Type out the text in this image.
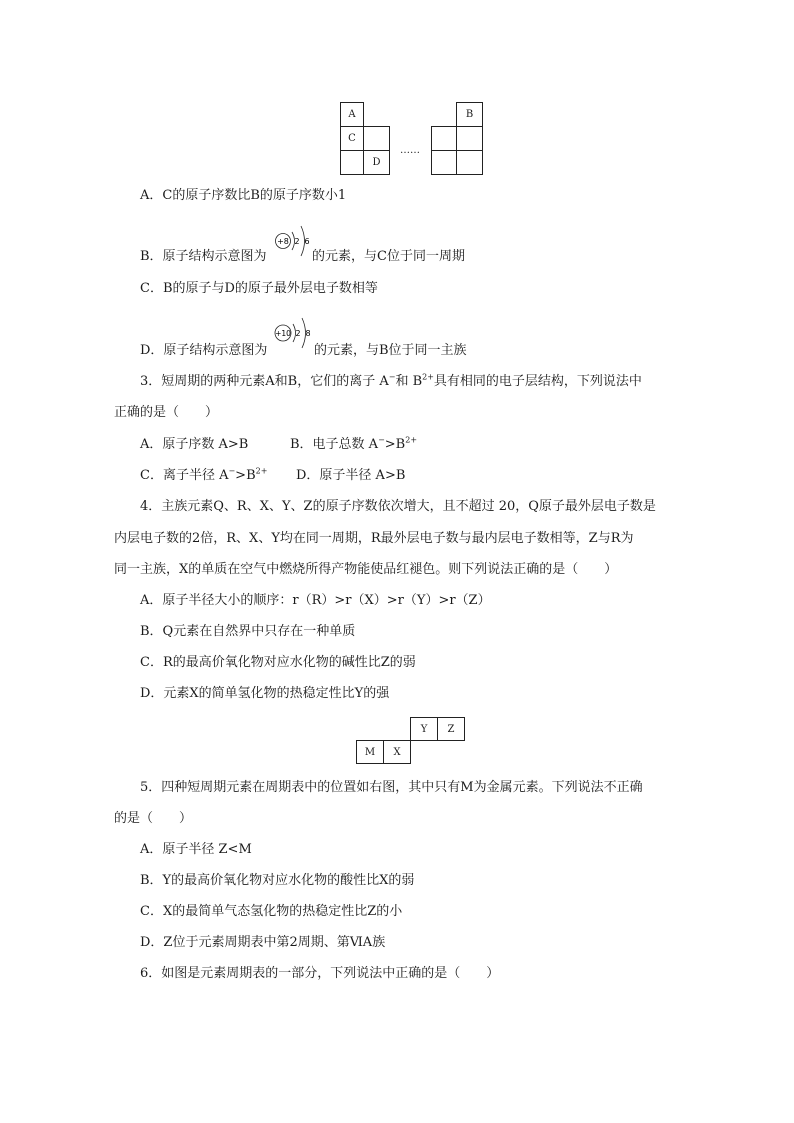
A
C
D
……
B
A．C的原子序数比B的原子序数小1
+8 2 6
B．原子结构示意图为	的元素，与C位于同一周期
C．B的原子与D的原子最外层电子数相等
+10 2 8
D．原子结构示意图为	的元素，与B位于同一主族
3．短周期的两种元素A和B，它们的离子 A−和 $B^{2+}$具有相同的电子层结构，下列说法中
正确的是（　　）
A．原子序数 A>B	B．电子总数 $A^->B^{2+}$
C．离子半径 $A^->B^{2+}$ D．原子半径 A>B
4．主族元素Q、R、X、Y、Z的原子序数依次增大，且不超过 20，Q原子最外层电子数是
内层电子数的2倍，R、X、Y均在同一周期，R最外层电子数与最内层电子数相等，Z与R为
同一主族，X的单质在空气中燃烧所得产物能使品红褪色。则下列说法正确的是（　　）
A．原子半径大小的顺序：r（R）>r（X）>r（Y）>r（Z）
B．Q元素在自然界中只存在一种单质
C．R的最高价氧化物对应水化物的碱性比Z的弱
D．元素X的简单氢化物的热稳定性比Y的强
Y	Z
M	X
5．四种短周期元素在周期表中的位置如右图，其中只有M为金属元素。下列说法不正确
的是（　　）
A．原子半径 Z<M
B．Y的最高价氧化物对应水化物的酸性比X的弱
C．X的最简单气态氢化物的热稳定性比Z的小
D．Z位于元素周期表中第2周期、第ⅥA族
6．如图是元素周期表的一部分，下列说法中正确的是（　　）
